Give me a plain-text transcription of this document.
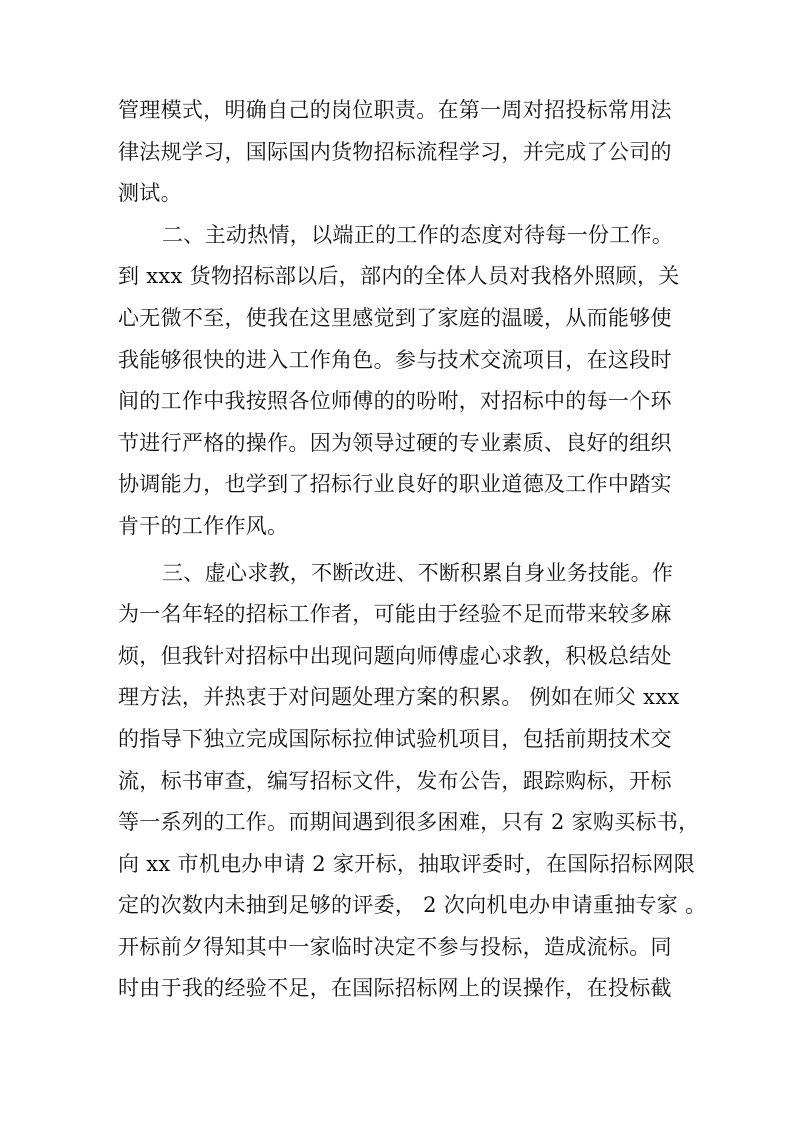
管理模式，明确自己的岗位职责。在第一周对招投标常用法
律法规学习，国际国内货物招标流程学习，并完成了公司的
测试。
二、主动热情，以端正的工作的态度对待每一份工作。
到 xxx 货物招标部以后，部内的全体人员对我格外照顾，关
心无微不至，使我在这里感觉到了家庭的温暖，从而能够使
我能够很快的进入工作角色。参与技术交流项目，在这段时
间的工作中我按照各位师傅的的吩咐，对招标中的每一个环
节进行严格的操作。因为领导过硬的专业素质、良好的组织
协调能力，也学到了招标行业良好的职业道德及工作中踏实
肯干的工作作风。
三、虚心求教，不断改进、不断积累自身业务技能。作
为一名年轻的招标工作者，可能由于经验不足而带来较多麻
烦，但我针对招标中出现问题向师傅虚心求教，积极总结处
理方法，并热衷于对问题处理方案的积累。 例如在师父 xxx
的指导下独立完成国际标拉伸试验机项目，包括前期技术交
流，标书审查，编写招标文件，发布公告，跟踪购标，开标
等一系列的工作。而期间遇到很多困难，只有 2 家购买标书，
向 xx 市机电办申请 2 家开标，抽取评委时，在国际招标网限
定的次数内未抽到足够的评委， 2 次向机电办申请重抽专家 。
开标前夕得知其中一家临时决定不参与投标，造成流标。同
时由于我的经验不足，在国际招标网上的误操作，在投标截
